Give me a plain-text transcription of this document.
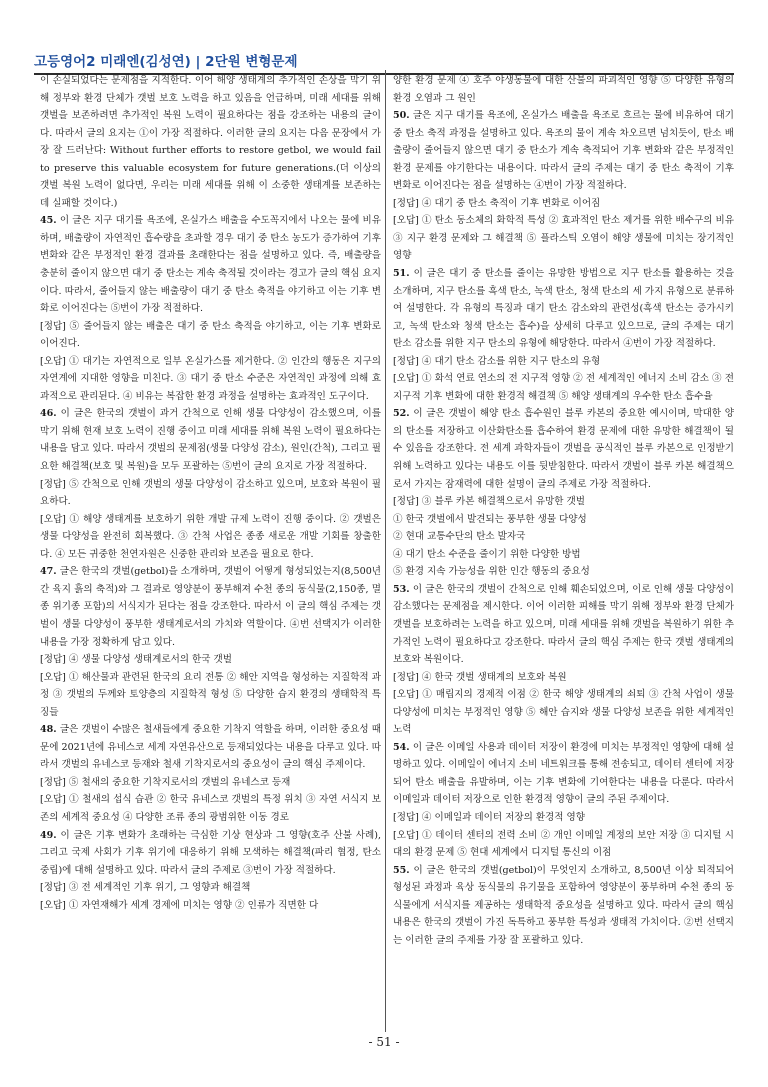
고등영어2 미래엔(김성연) | 2단원 변형문제

이 손실되었다는 문제점을 지적한다. 이어 해양 생태계의 추가적인 손상을 막기 위해 정부와 환경 단체가 갯벌 보호 노력을 하고 있음을 언급하며, 미래 세대를 위해 갯벌을 보존하려면 추가적인 복원 노력이 필요하다는 점을 강조하는 내용의 글이다. 따라서 글의 요지는 ①이 가장 적절하다. 이러한 글의 요지는 다음 문장에서 가장 잘 드러난다: Without further efforts to restore getbol, we would fail to preserve this valuable ecosystem for future generations.(더 이상의 갯벌 복원 노력이 없다면, 우리는 미래 세대를 위해 이 소중한 생태계를 보존하는 데 실패할 것이다.)

45. 이 글은 지구 대기를 욕조에, 온실가스 배출을 수도꼭지에서 나오는 물에 비유하며, 배출량이 자연적인 흡수량을 초과할 경우 대기 중 탄소 농도가 증가하여 기후 변화와 같은 부정적인 환경 결과를 초래한다는 점을 설명하고 있다. 즉, 배출량을 충분히 줄이지 않으면 대기 중 탄소는 계속 축적될 것이라는 경고가 글의 핵심 요지이다. 따라서, 줄어들지 않는 배출량이 대기 중 탄소 축적을 야기하고 이는 기후 변화로 이어진다는 ⑤번이 가장 적절하다.

[정답] ⑤ 줄어들지 않는 배출은 대기 중 탄소 축적을 야기하고, 이는 기후 변화로 이어진다.

[오답] ① 대기는 자연적으로 일부 온실가스를 제거한다. ② 인간의 행동은 지구의 자연계에 지대한 영향을 미친다. ③ 대기 중 탄소 수준은 자연적인 과정에 의해 효과적으로 관리된다. ④ 비유는 복잡한 환경 과정을 설명하는 효과적인 도구이다.

46. 이 글은 한국의 갯벌이 과거 간척으로 인해 생물 다양성이 감소했으며, 이를 막기 위해 현재 보호 노력이 진행 중이고 미래 세대를 위해 복원 노력이 필요하다는 내용을 담고 있다. 따라서 갯벌의 문제점(생물 다양성 감소), 원인(간척), 그리고 필요한 해결책(보호 및 복원)을 모두 포괄하는 ⑤번이 글의 요지로 가장 적절하다.

[정답] ⑤ 간척으로 인해 갯벌의 생물 다양성이 감소하고 있으며, 보호와 복원이 필요하다.

[오답] ① 해양 생태계를 보호하기 위한 개발 규제 노력이 진행 중이다. ② 갯벌은 생물 다양성을 완전히 회복했다. ③ 간척 사업은 종종 새로운 개발 기회를 창출한다. ④ 모든 귀중한 천연자원은 신중한 관리와 보존을 필요로 한다.

47. 글은 한국의 갯벌(getbol)을 소개하며, 갯벌이 어떻게 형성되었는지(8,500년간 육지 흙의 축적)와 그 결과로 영양분이 풍부해져 수천 종의 동식물(2,150종, 멸종 위기종 포함)의 서식지가 된다는 점을 강조한다. 따라서 이 글의 핵심 주제는 갯벌이 생물 다양성이 풍부한 생태계로서의 가치와 역할이다. ④번 선택지가 이러한 내용을 가장 정확하게 담고 있다.

[정답] ④ 생물 다양성 생태계로서의 한국 갯벌

[오답] ① 해산물과 관련된 한국의 요리 전통 ② 해안 지역을 형성하는 지질학적 과정 ③ 갯벌의 두께와 토양층의 지질학적 형성 ⑤ 다양한 습지 환경의 생태학적 특징들

48. 글은 갯벌이 수많은 철새들에게 중요한 기착지 역할을 하며, 이러한 중요성 때문에 2021년에 유네스코 세계 자연유산으로 등재되었다는 내용을 다루고 있다. 따라서 갯벌의 유네스코 등재와 철새 기착지로서의 중요성이 글의 핵심 주제이다.

[정답] ⑤ 철새의 중요한 기착지로서의 갯벌의 유네스코 등재

[오답] ① 철새의 섭식 습관 ② 한국 유네스코 갯벌의 특정 위치 ③ 자연 서식지 보존의 세계적 중요성 ④ 다양한 조류 종의 광범위한 이동 경로

49. 이 글은 기후 변화가 초래하는 극심한 기상 현상과 그 영향(호주 산불 사례), 그리고 국제 사회가 기후 위기에 대응하기 위해 모색하는 해결책(파리 협정, 탄소 중립)에 대해 설명하고 있다. 따라서 글의 주제로 ③번이 가장 적절하다.

[정답] ③ 전 세계적인 기후 위기, 그 영향과 해결책

[오답] ① 자연재해가 세계 경제에 미치는 영향 ② 인류가 직면한 다

양한 환경 문제 ④ 호주 야생동물에 대한 산불의 파괴적인 영향 ⑤ 다양한 유형의 환경 오염과 그 원인

50. 글은 지구 대기를 욕조에, 온실가스 배출을 욕조로 흐르는 물에 비유하여 대기 중 탄소 축적 과정을 설명하고 있다. 욕조의 물이 계속 차오르면 넘치듯이, 탄소 배출량이 줄어들지 않으면 대기 중 탄소가 계속 축적되어 기후 변화와 같은 부정적인 환경 문제를 야기한다는 내용이다. 따라서 글의 주제는 대기 중 탄소 축적이 기후 변화로 이어진다는 점을 설명하는 ④번이 가장 적절하다.

[정답] ④ 대기 중 탄소 축적이 기후 변화로 이어짐

[오답] ① 탄소 동소체의 화학적 특성 ② 효과적인 탄소 제거를 위한 배수구의 비유 ③ 지구 환경 문제와 그 해결책 ⑤ 플라스틱 오염이 해양 생물에 미치는 장기적인 영향

51. 이 글은 대기 중 탄소를 줄이는 유망한 방법으로 지구 탄소를 활용하는 것을 소개하며, 지구 탄소를 흑색 탄소, 녹색 탄소, 청색 탄소의 세 가지 유형으로 분류하여 설명한다. 각 유형의 특징과 대기 탄소 감소와의 관련성(흑색 탄소는 증가시키고, 녹색 탄소와 청색 탄소는 흡수)을 상세히 다루고 있으므로, 글의 주제는 대기 탄소 감소를 위한 지구 탄소의 유형에 해당한다. 따라서 ④번이 가장 적절하다.

[정답] ④ 대기 탄소 감소를 위한 지구 탄소의 유형

[오답] ① 화석 연료 연소의 전 지구적 영향 ② 전 세계적인 에너지 소비 감소 ③ 전 지구적 기후 변화에 대한 환경적 해결책 ⑤ 해양 생태계의 우수한 탄소 흡수율

52. 이 글은 갯벌이 해양 탄소 흡수원인 블루 카본의 중요한 예시이며, 막대한 양의 탄소를 저장하고 이산화탄소를 흡수하여 환경 문제에 대한 유망한 해결책이 될 수 있음을 강조한다. 전 세계 과학자들이 갯벌을 공식적인 블루 카본으로 인정받기 위해 노력하고 있다는 내용도 이를 뒷받침한다. 따라서 갯벌이 블루 카본 해결책으로서 가지는 잠재력에 대한 설명이 글의 주제로 가장 적절하다.

[정답] ③ 블루 카본 해결책으로서 유망한 갯벌

① 한국 갯벌에서 발견되는 풍부한 생물 다양성

② 현대 교통수단의 탄소 발자국

④ 대기 탄소 수준을 줄이기 위한 다양한 방법

⑤ 환경 지속 가능성을 위한 인간 행동의 중요성

53. 이 글은 한국의 갯벌이 간척으로 인해 훼손되었으며, 이로 인해 생물 다양성이 감소했다는 문제점을 제시한다. 이어 이러한 피해를 막기 위해 정부와 환경 단체가 갯벌을 보호하려는 노력을 하고 있으며, 미래 세대를 위해 갯벌을 복원하기 위한 추가적인 노력이 필요하다고 강조한다. 따라서 글의 핵심 주제는 한국 갯벌 생태계의 보호와 복원이다.

[정답] ④ 한국 갯벌 생태계의 보호와 복원

[오답] ① 매립지의 경제적 이점 ② 한국 해양 생태계의 쇠퇴 ③ 간척 사업이 생물 다양성에 미치는 부정적인 영향 ⑤ 해안 습지와 생물 다양성 보존을 위한 세계적인 노력

54. 이 글은 이메일 사용과 데이터 저장이 환경에 미치는 부정적인 영향에 대해 설명하고 있다. 이메일이 에너지 소비 네트워크를 통해 전송되고, 데이터 센터에 저장되어 탄소 배출을 유발하며, 이는 기후 변화에 기여한다는 내용을 다룬다. 따라서 이메일과 데이터 저장으로 인한 환경적 영향이 글의 주된 주제이다.

[정답] ④ 이메일과 데이터 저장의 환경적 영향

[오답] ① 데이터 센터의 전력 소비 ② 개인 이메일 계정의 보안 저장 ③ 디지털 시대의 환경 문제 ⑤ 현대 세계에서 디지털 통신의 이점

55. 이 글은 한국의 갯벌(getbol)이 무엇인지 소개하고, 8,500년 이상 퇴적되어 형성된 과정과 육상 동식물의 유기물을 포함하여 영양분이 풍부하며 수천 종의 동식물에게 서식지를 제공하는 생태학적 중요성을 설명하고 있다. 따라서 글의 핵심 내용은 한국의 갯벌이 가진 독특하고 풍부한 특성과 생태적 가치이다. ②번 선택지는 이러한 글의 주제를 가장 잘 포괄하고 있다.

- 51 -
